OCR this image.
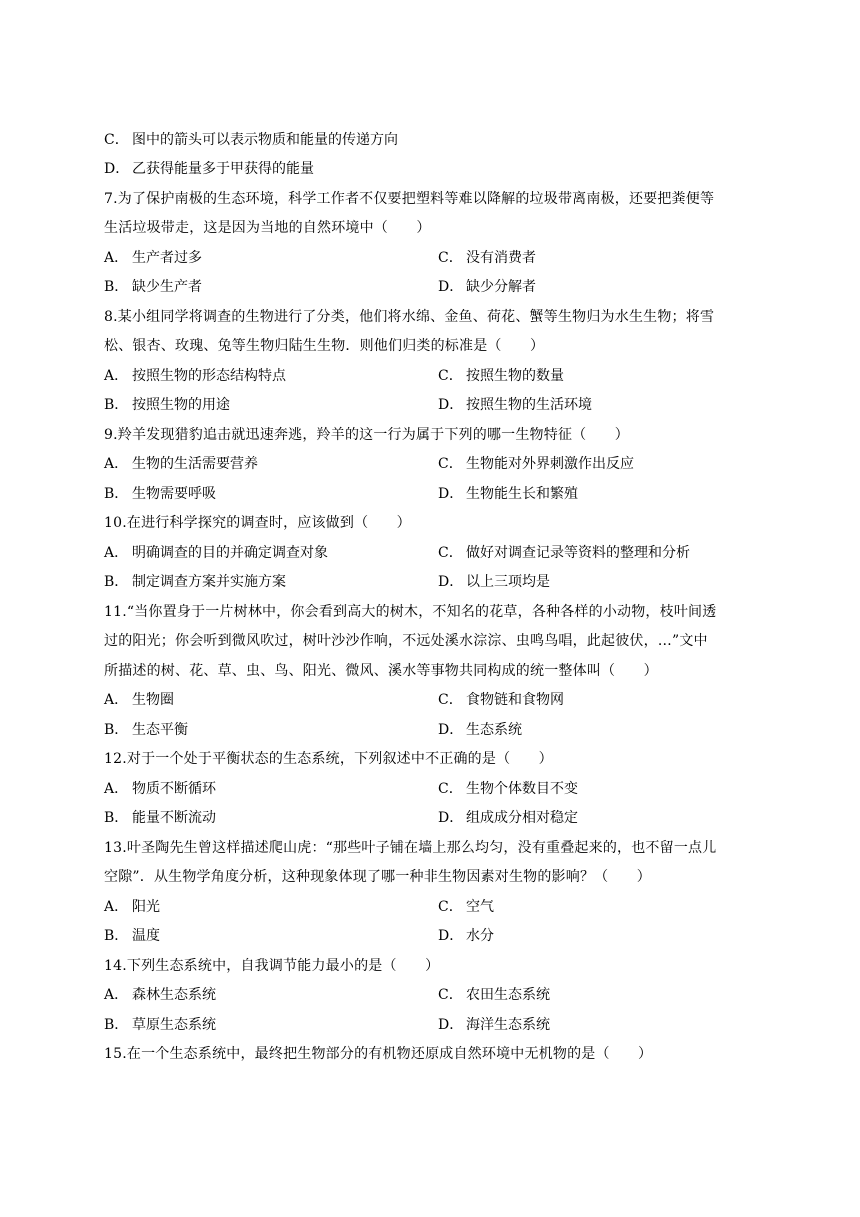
C． 图中的箭头可以表示物质和能量的传递方向
D． 乙获得能量多于甲获得的能量
7.为了保护南极的生态环境，科学工作者不仅要把塑料等难以降解的垃圾带离南极，还要把粪便等
生活垃圾带走，这是因为当地的自然环境中（　　）
A． 生产者过多	C． 没有消费者
B． 缺少生产者	D． 缺少分解者
8.某小组同学将调查的生物进行了分类，他们将水绵、金鱼、荷花、蟹等生物归为水生生物；将雪
松、银杏、玫瑰、兔等生物归陆生生物．则他们归类的标准是（　　）
A． 按照生物的形态结构特点	C． 按照生物的数量
B． 按照生物的用途	D． 按照生物的生活环境
9.羚羊发现猎豹追击就迅速奔逃，羚羊的这一行为属于下列的哪一生物特征（　　）
A． 生物的生活需要营养	C． 生物能对外界刺激作出反应
B． 生物需要呼吸	D． 生物能生长和繁殖
10.在进行科学探究的调查时，应该做到（　　）
A． 明确调查的目的并确定调查对象	C． 做好对调查记录等资料的整理和分析
B． 制定调查方案并实施方案	D． 以上三项均是
11.“当你置身于一片树林中，你会看到高大的树木，不知名的花草，各种各样的小动物，枝叶间透
过的阳光；你会听到微风吹过，树叶沙沙作响，不远处溪水淙淙、虫鸣鸟唱，此起彼伏，…”文中
所描述的树、花、草、虫、鸟、阳光、微风、溪水等事物共同构成的统一整体叫（　　）
A． 生物圈	C． 食物链和食物网
B． 生态平衡	D． 生态系统
12.对于一个处于平衡状态的生态系统，下列叙述中不正确的是（　　）
A． 物质不断循环	C． 生物个体数目不变
B． 能量不断流动	D． 组成成分相对稳定
13.叶圣陶先生曾这样描述爬山虎：“那些叶子铺在墙上那么均匀，没有重叠起来的，也不留一点儿
空隙”．从生物学角度分析，这种现象体现了哪一种非生物因素对生物的影响？（　　）
A． 阳光	C． 空气
B． 温度	D． 水分
14.下列生态系统中，自我调节能力最小的是（　　）
A． 森林生态系统	C． 农田生态系统
B． 草原生态系统	D． 海洋生态系统
15.在一个生态系统中，最终把生物部分的有机物还原成自然环境中无机物的是（　　）
